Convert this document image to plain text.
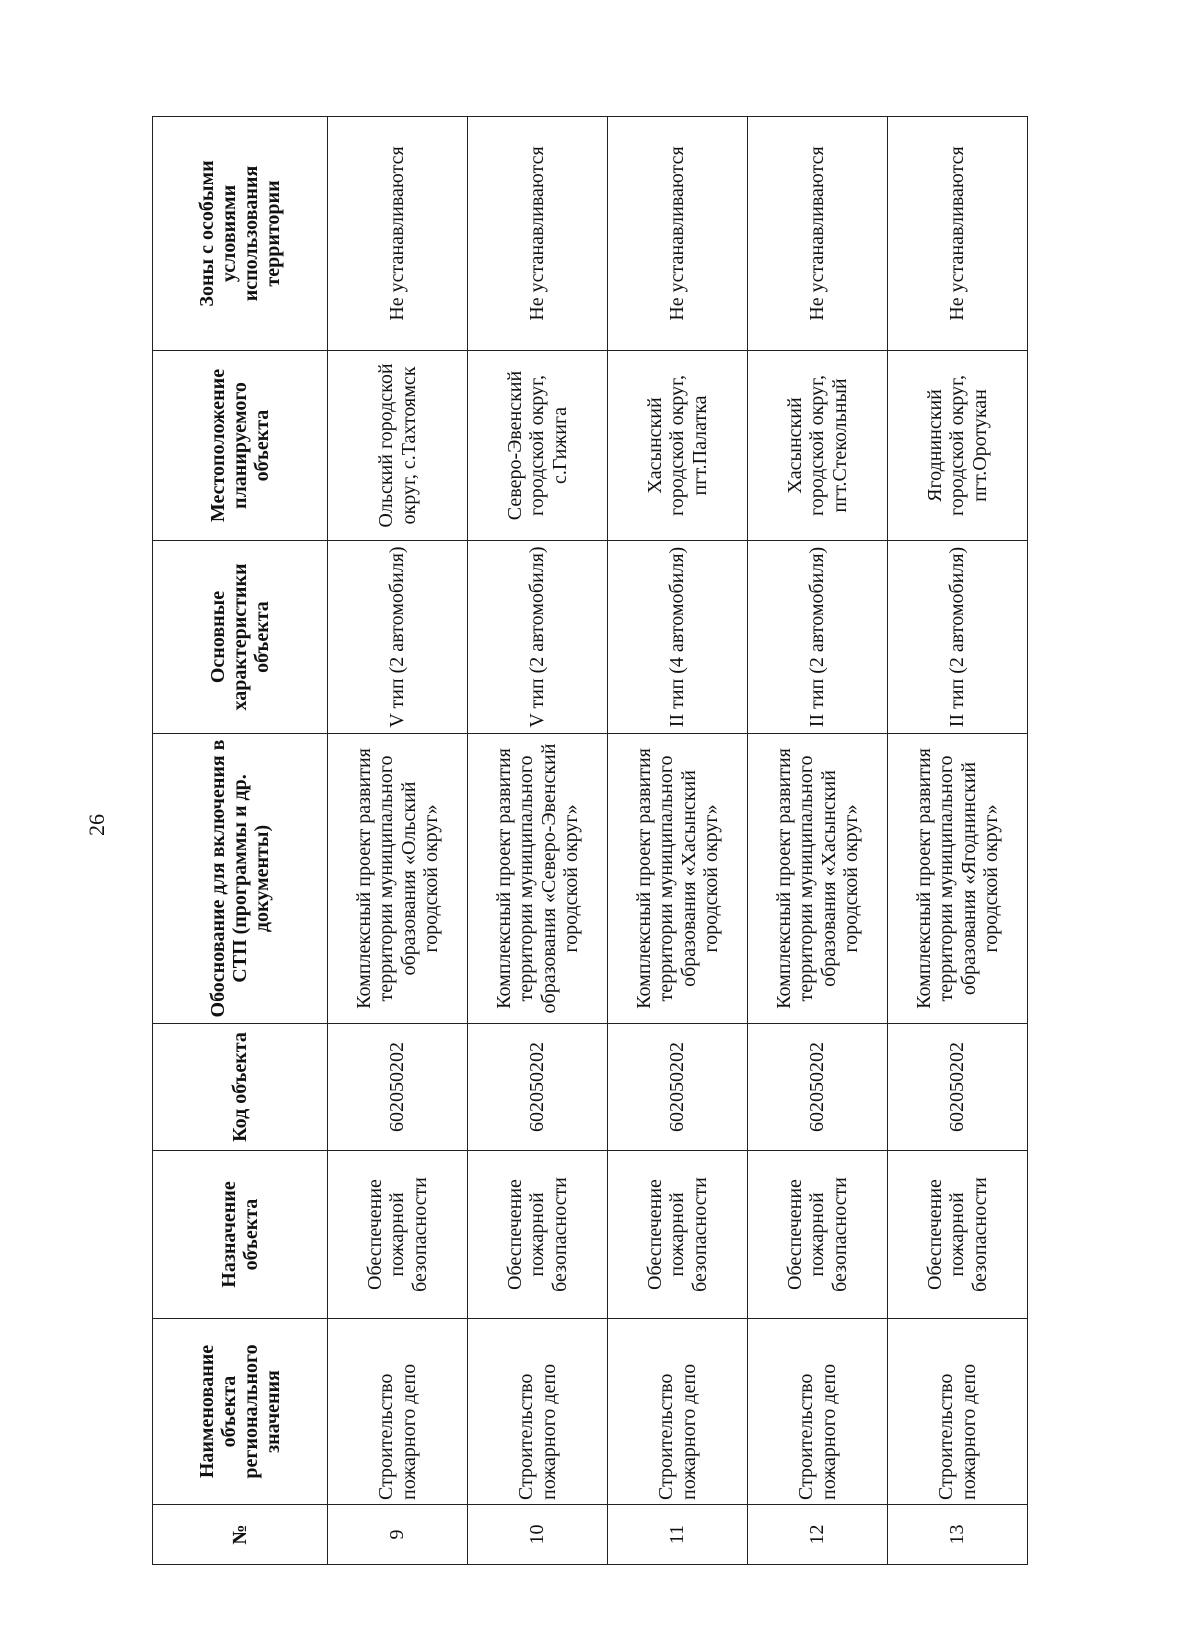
26
№	Наименование объекта регионального значения	Назначение объекта	Код объекта	Обоснование для включения в СТП (программы и др. документы)	Основные характеристики объекта	Местоположение планируемого объекта	Зоны с особыми условиями использования территории
9	Строительство пожарного депо	Обеспечение пожарной безопасности	602050202	Комплексный проект развития территории муниципального образования «Ольский городской округ»	V тип (2 автомобиля)	Ольский городской округ, с.Тахтоямск	Не устанавливаются
10	Строительство пожарного депо	Обеспечение пожарной безопасности	602050202	Комплексный проект развития территории муниципального образования «Северо-Эвенский городской округ»	V тип (2 автомобиля)	Северо-Эвенский городской округ, с.Гижига	Не устанавливаются
11	Строительство пожарного депо	Обеспечение пожарной безопасности	602050202	Комплексный проект развития территории муниципального образования «Хасынский городской округ»	II тип (4 автомобиля)	Хасынский городской округ, пгт.Палатка	Не устанавливаются
12	Строительство пожарного депо	Обеспечение пожарной безопасности	602050202	Комплексный проект развития территории муниципального образования «Хасынский городской округ»	II тип (2 автомобиля)	Хасынский городской округ, пгт.Стекольный	Не устанавливаются
13	Строительство пожарного депо	Обеспечение пожарной безопасности	602050202	Комплексный проект развития территории муниципального образования «Ягоднинский городской округ»	II тип (2 автомобиля)	Ягоднинский городской округ, пгт.Оротукан	Не устанавливаются
